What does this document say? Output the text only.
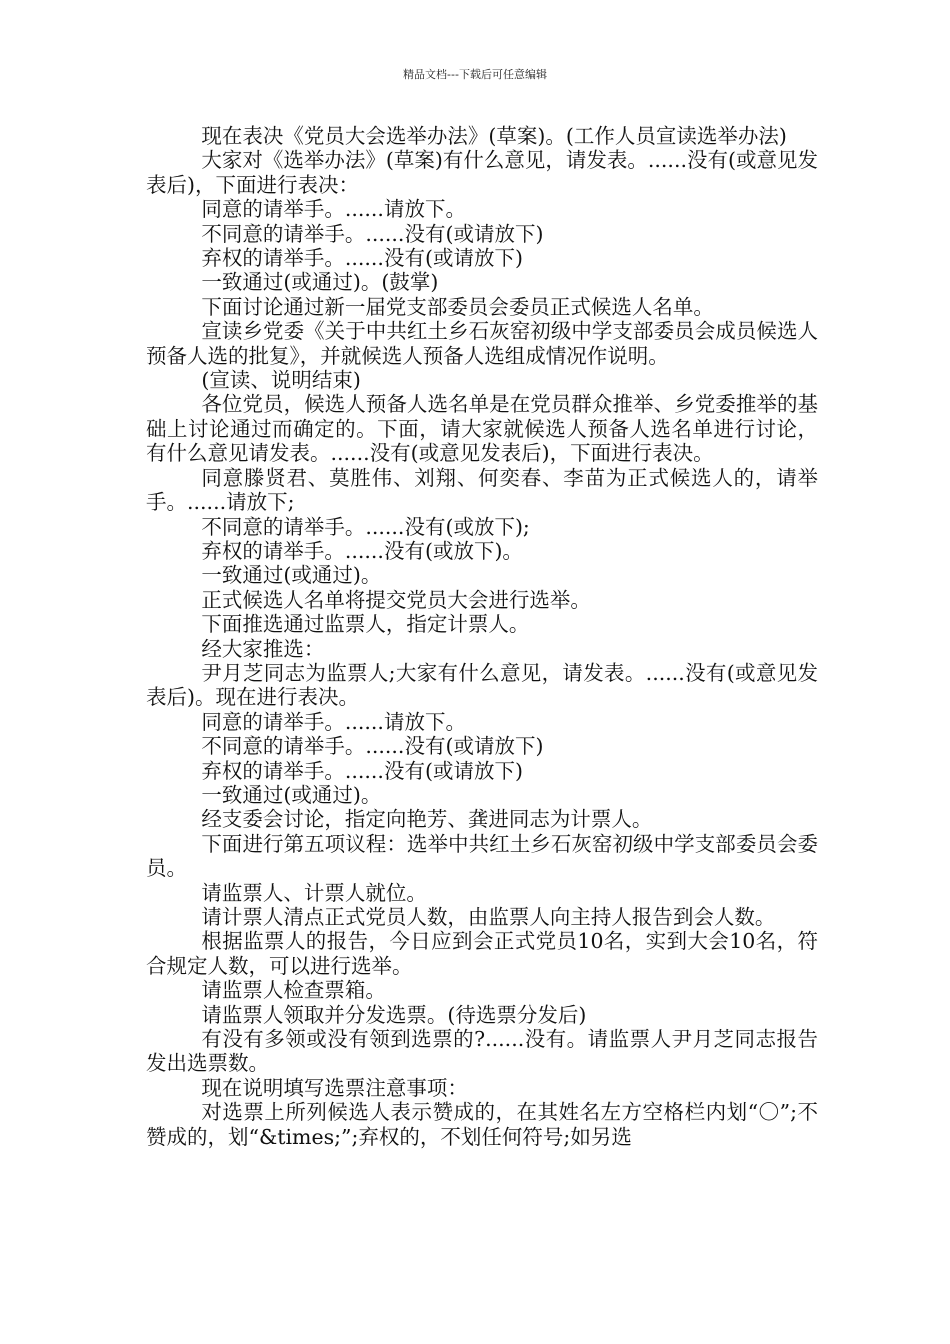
精品文档---下载后可任意编辑

现在表决《党员大会选举办法》(草案)。(工作人员宣读选举办法)

大家对《选举办法》(草案)有什么意见，请发表。......没有(或意见发表后)，下面进行表决：

同意的请举手。......请放下。

不同意的请举手。......没有(或请放下)

弃权的请举手。......没有(或请放下)

一致通过(或通过)。(鼓掌)

下面讨论通过新一届党支部委员会委员正式候选人名单。

宣读乡党委《关于中共红土乡石灰窑初级中学支部委员会成员候选人预备人选的批复》，并就候选人预备人选组成情况作说明。

(宣读、说明结束)

各位党员，候选人预备人选名单是在党员群众推举、乡党委推举的基础上讨论通过而确定的。下面，请大家就候选人预备人选名单进行讨论，有什么意见请发表。......没有(或意见发表后)，下面进行表决。

同意滕贤君、莫胜伟、刘翔、何奕春、李苗为正式候选人的，请举手。......请放下;

不同意的请举手。......没有(或放下);

弃权的请举手。......没有(或放下)。

一致通过(或通过)。

正式候选人名单将提交党员大会进行选举。

下面推选通过监票人，指定计票人。

经大家推选：

尹月芝同志为监票人;大家有什么意见，请发表。......没有(或意见发表后)。现在进行表决。

同意的请举手。......请放下。

不同意的请举手。......没有(或请放下)

弃权的请举手。......没有(或请放下)

一致通过(或通过)。

经支委会讨论，指定向艳芳、龚进同志为计票人。

下面进行第五项议程：选举中共红土乡石灰窑初级中学支部委员会委员。

请监票人、计票人就位。

请计票人清点正式党员人数，由监票人向主持人报告到会人数。

根据监票人的报告，今日应到会正式党员10名，实到大会10名，符合规定人数，可以进行选举。

请监票人检查票箱。

请监票人领取并分发选票。(待选票分发后)

有没有多领或没有领到选票的?......没有。请监票人尹月芝同志报告发出选票数。

现在说明填写选票注意事项：

对选票上所列候选人表示赞成的，在其姓名左方空格栏内划“〇”;不赞成的，划“&times;”;弃权的，不划任何符号;如另选
